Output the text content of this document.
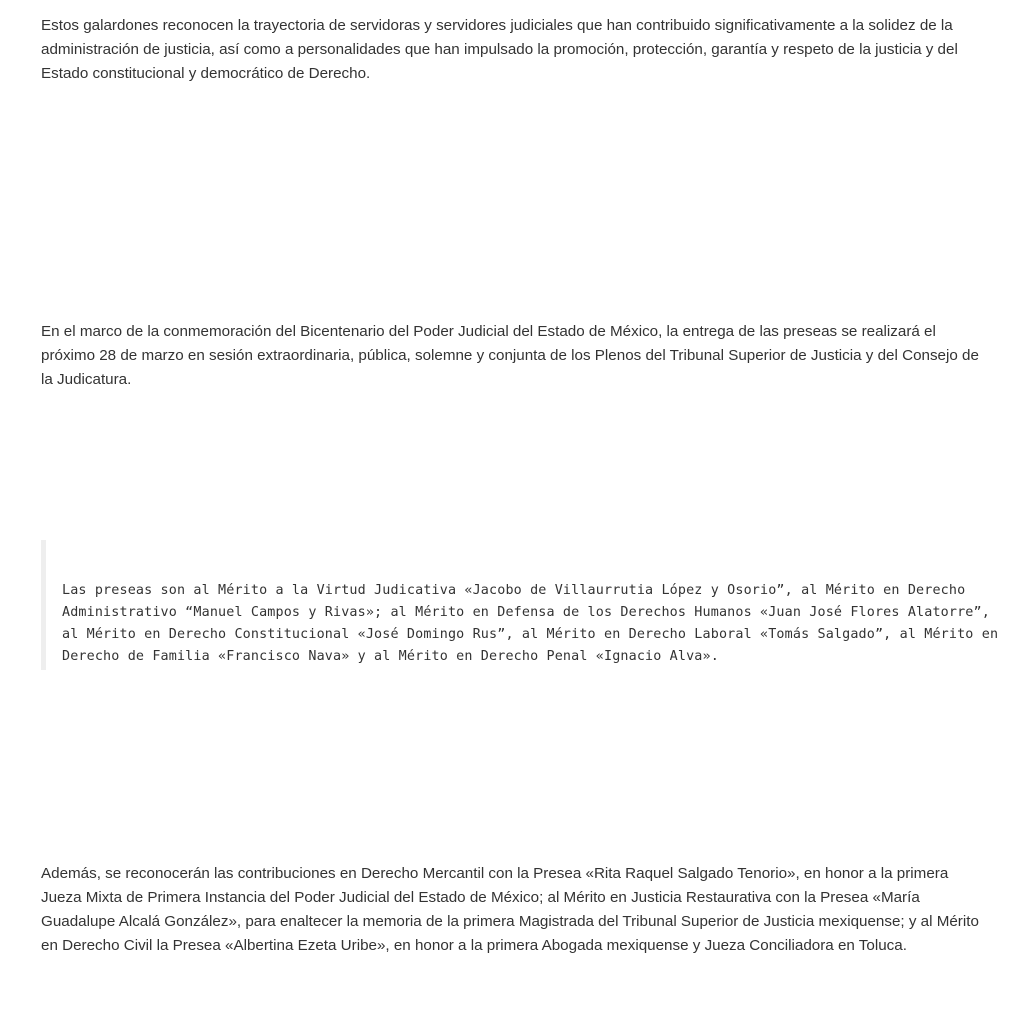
Estos galardones reconocen la trayectoria de servidoras y servidores judiciales que han contribuido significativamente a la solidez de la administración de justicia, así como a personalidades que han impulsado la promoción, protección, garantía y respeto de la justicia y del Estado constitucional y democrático de Derecho.

En el marco de la conmemoración del Bicentenario del Poder Judicial del Estado de México, la entrega de las preseas se realizará el próximo 28 de marzo en sesión extraordinaria, pública, solemne y conjunta de los Plenos del Tribunal Superior de Justicia y del Consejo de la Judicatura.

Las preseas son al Mérito a la Virtud Judicativa «Jacobo de Villaurrutia López y Osorio”, al Mérito en Derecho Administrativo “Manuel Campos y Rivas»; al Mérito en Defensa de los Derechos Humanos «Juan José Flores Alatorre”, al Mérito en Derecho Constitucional «José Domingo Rus”, al Mérito en Derecho Laboral «Tomás Salgado”, al Mérito en Derecho de Familia «Francisco Nava» y al Mérito en Derecho Penal «Ignacio Alva».

Además, se reconocerán las contribuciones en Derecho Mercantil con la Presea «Rita Raquel Salgado Tenorio», en honor a la primera Jueza Mixta de Primera Instancia del Poder Judicial del Estado de México; al Mérito en Justicia Restaurativa con la Presea «María Guadalupe Alcalá González», para enaltecer la memoria de la primera Magistrada del Tribunal Superior de Justicia mexiquense; y al Mérito en Derecho Civil la Presea «Albertina Ezeta Uribe», en honor a la primera Abogada mexiquense y Jueza Conciliadora en Toluca.
